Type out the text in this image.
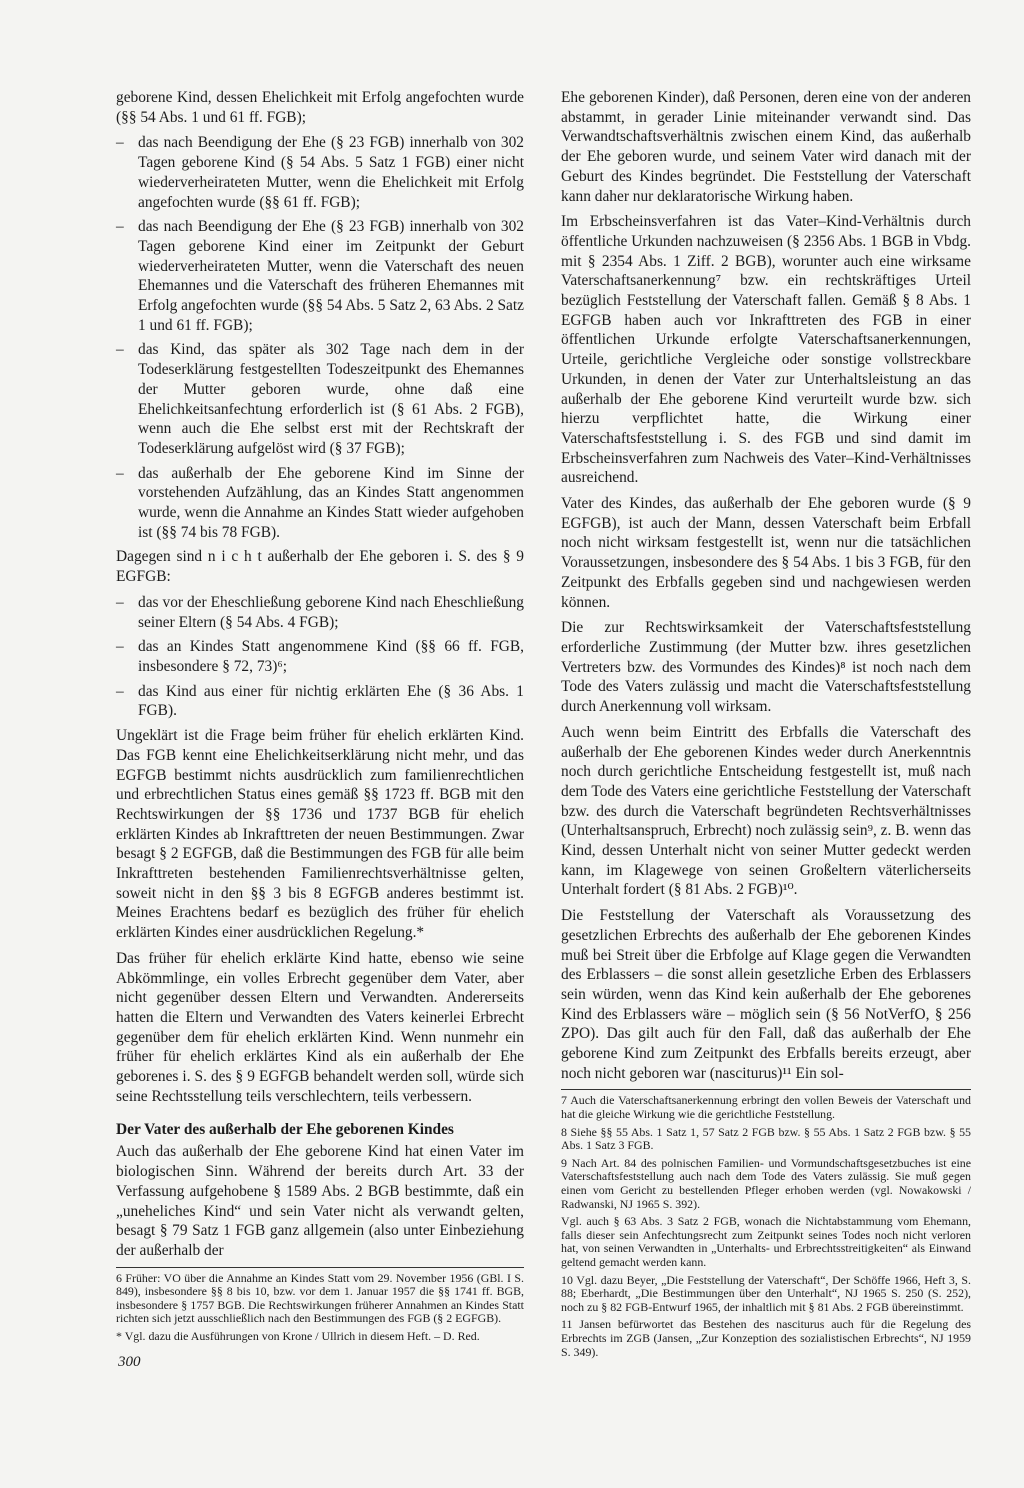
geborene Kind, dessen Ehelichkeit mit Erfolg angefochten wurde (§§ 54 Abs. 1 und 61 ff. FGB);
– das nach Beendigung der Ehe (§ 23 FGB) innerhalb von 302 Tagen geborene Kind (§ 54 Abs. 5 Satz 1 FGB) einer nicht wiederverheirateten Mutter, wenn die Ehelichkeit mit Erfolg angefochten wurde (§§ 61 ff. FGB);
– das nach Beendigung der Ehe (§ 23 FGB) innerhalb von 302 Tagen geborene Kind einer im Zeitpunkt der Geburt wiederverheirateten Mutter, wenn die Vaterschaft des neuen Ehemannes und die Vaterschaft des früheren Ehemannes mit Erfolg angefochten wurde (§§ 54 Abs. 5 Satz 2, 63 Abs. 2 Satz 1 und 61 ff. FGB);
– das Kind, das später als 302 Tage nach dem in der Todeserklärung festgestellten Todeszeitpunkt des Ehemannes der Mutter geboren wurde, ohne daß eine Ehelichkeitsanfechtung erforderlich ist (§ 61 Abs. 2 FGB), wenn auch die Ehe selbst erst mit der Rechtskraft der Todeserklärung aufgelöst wird (§ 37 FGB);
– das außerhalb der Ehe geborene Kind im Sinne der vorstehenden Aufzählung, das an Kindes Statt angenommen wurde, wenn die Annahme an Kindes Statt wieder aufgehoben ist (§§ 74 bis 78 FGB).
Dagegen sind n i c h t außerhalb der Ehe geboren i. S. des § 9 EGFGB:
– das vor der Eheschließung geborene Kind nach Eheschließung seiner Eltern (§ 54 Abs. 4 FGB);
– das an Kindes Statt angenommene Kind (§§ 66 ff. FGB, insbesondere § 72, 73)⁶;
– das Kind aus einer für nichtig erklärten Ehe (§ 36 Abs. 1 FGB).
Ungeklärt ist die Frage beim früher für ehelich erklärten Kind. Das FGB kennt eine Ehelichkeitserklärung nicht mehr, und das EGFGB bestimmt nichts ausdrücklich zum familienrechtlichen und erbrechtlichen Status eines gemäß §§ 1723 ff. BGB mit den Rechtswirkungen der §§ 1736 und 1737 BGB für ehelich erklärten Kindes ab Inkrafttreten der neuen Bestimmungen. Zwar besagt § 2 EGFGB, daß die Bestimmungen des FGB für alle beim Inkrafttreten bestehenden Familienrechtsverhältnisse gelten, soweit nicht in den §§ 3 bis 8 EGFGB anderes bestimmt ist. Meines Erachtens bedarf es bezüglich des früher für ehelich erklärten Kindes einer ausdrücklichen Regelung.*
Das früher für ehelich erklärte Kind hatte, ebenso wie seine Abkömmlinge, ein volles Erbrecht gegenüber dem Vater, aber nicht gegenüber dessen Eltern und Verwandten. Andererseits hatten die Eltern und Verwandten des Vaters keinerlei Erbrecht gegenüber dem für ehelich erklärten Kind. Wenn nunmehr ein früher für ehelich erklärtes Kind als ein außerhalb der Ehe geborenes i. S. des § 9 EGFGB behandelt werden soll, würde sich seine Rechtsstellung teils verschlechtern, teils verbessern.
Der Vater des außerhalb der Ehe geborenen Kindes
Auch das außerhalb der Ehe geborene Kind hat einen Vater im biologischen Sinn. Während der bereits durch Art. 33 der Verfassung aufgehobene § 1589 Abs. 2 BGB bestimmte, daß ein „uneheliches Kind“ und sein Vater nicht als verwandt gelten, besagt § 79 Satz 1 FGB ganz allgemein (also unter Einbeziehung der außerhalb der
6 Früher: VO über die Annahme an Kindes Statt vom 29. November 1956 (GBl. I S. 849), insbesondere §§ 8 bis 10, bzw. vor dem 1. Januar 1957 die §§ 1741 ff. BGB, insbesondere § 1757 BGB. Die Rechtswirkungen früherer Annahmen an Kindes Statt richten sich jetzt ausschließlich nach den Bestimmungen des FGB (§ 2 EGFGB).
* Vgl. dazu die Ausführungen von Krone / Ullrich in diesem Heft. – D. Red.
Ehe geborenen Kinder), daß Personen, deren eine von der anderen abstammt, in gerader Linie miteinander verwandt sind. Das Verwandtschaftsverhältnis zwischen einem Kind, das außerhalb der Ehe geboren wurde, und seinem Vater wird danach mit der Geburt des Kindes begründet. Die Feststellung der Vaterschaft kann daher nur deklaratorische Wirkung haben.
Im Erbscheinsverfahren ist das Vater–Kind-Verhältnis durch öffentliche Urkunden nachzuweisen (§ 2356 Abs. 1 BGB in Vbdg. mit § 2354 Abs. 1 Ziff. 2 BGB), worunter auch eine wirksame Vaterschaftsanerkennung⁷ bzw. ein rechtskräftiges Urteil bezüglich Feststellung der Vaterschaft fallen. Gemäß § 8 Abs. 1 EGFGB haben auch vor Inkrafttreten des FGB in einer öffentlichen Urkunde erfolgte Vaterschaftsanerkennungen, Urteile, gerichtliche Vergleiche oder sonstige vollstreckbare Urkunden, in denen der Vater zur Unterhaltsleistung an das außerhalb der Ehe geborene Kind verurteilt wurde bzw. sich hierzu verpflichtet hatte, die Wirkung einer Vaterschaftsfeststellung i. S. des FGB und sind damit im Erbscheinsverfahren zum Nachweis des Vater–Kind-Verhältnisses ausreichend.
Vater des Kindes, das außerhalb der Ehe geboren wurde (§ 9 EGFGB), ist auch der Mann, dessen Vaterschaft beim Erbfall noch nicht wirksam festgestellt ist, wenn nur die tatsächlichen Voraussetzungen, insbesondere des § 54 Abs. 1 bis 3 FGB, für den Zeitpunkt des Erbfalls gegeben sind und nachgewiesen werden können.
Die zur Rechtswirksamkeit der Vaterschaftsfeststellung erforderliche Zustimmung (der Mutter bzw. ihres gesetzlichen Vertreters bzw. des Vormundes des Kindes)⁸ ist noch nach dem Tode des Vaters zulässig und macht die Vaterschaftsfeststellung durch Anerkennung voll wirksam.
Auch wenn beim Eintritt des Erbfalls die Vaterschaft des außerhalb der Ehe geborenen Kindes weder durch Anerkenntnis noch durch gerichtliche Entscheidung festgestellt ist, muß nach dem Tode des Vaters eine gerichtliche Feststellung der Vaterschaft bzw. des durch die Vaterschaft begründeten Rechtsverhältnisses (Unterhaltsanspruch, Erbrecht) noch zulässig sein⁹, z. B. wenn das Kind, dessen Unterhalt nicht von seiner Mutter gedeckt werden kann, im Klagewege von seinen Großeltern väterlicherseits Unterhalt fordert (§ 81 Abs. 2 FGB)¹⁰.
Die Feststellung der Vaterschaft als Voraussetzung des gesetzlichen Erbrechts des außerhalb der Ehe geborenen Kindes muß bei Streit über die Erbfolge auf Klage gegen die Verwandten des Erblassers – die sonst allein gesetzliche Erben des Erblassers sein würden, wenn das Kind kein außerhalb der Ehe geborenes Kind des Erblassers wäre – möglich sein (§ 56 NotVerfO, § 256 ZPO). Das gilt auch für den Fall, daß das außerhalb der Ehe geborene Kind zum Zeitpunkt des Erbfalls bereits erzeugt, aber noch nicht geboren war (nasciturus)¹¹ Ein sol-
7 Auch die Vaterschaftsanerkennung erbringt den vollen Beweis der Vaterschaft und hat die gleiche Wirkung wie die gerichtliche Feststellung.
8 Siehe §§ 55 Abs. 1 Satz 1, 57 Satz 2 FGB bzw. § 55 Abs. 1 Satz 2 FGB bzw. § 55 Abs. 1 Satz 3 FGB.
9 Nach Art. 84 des polnischen Familien- und Vormundschaftsgesetzbuches ist eine Vaterschaftsfeststellung auch nach dem Tode des Vaters zulässig. Sie muß gegen einen vom Gericht zu bestellenden Pfleger erhoben werden (vgl. Nowakowski / Radwanski, NJ 1965 S. 392).
Vgl. auch § 63 Abs. 3 Satz 2 FGB, wonach die Nichtabstammung vom Ehemann, falls dieser sein Anfechtungsrecht zum Zeitpunkt seines Todes noch nicht verloren hat, von seinen Verwandten in „Unterhalts- und Erbrechtsstreitigkeiten“ als Einwand geltend gemacht werden kann.
10 Vgl. dazu Beyer, „Die Feststellung der Vaterschaft“, Der Schöffe 1966, Heft 3, S. 88; Eberhardt, „Die Bestimmungen über den Unterhalt“, NJ 1965 S. 250 (S. 252), noch zu § 82 FGB-Entwurf 1965, der inhaltlich mit § 81 Abs. 2 FGB übereinstimmt.
11 Jansen befürwortet das Bestehen des nasciturus auch für die Regelung des Erbrechts im ZGB (Jansen, „Zur Konzeption des sozialistischen Erbrechts“, NJ 1959 S. 349).
300
